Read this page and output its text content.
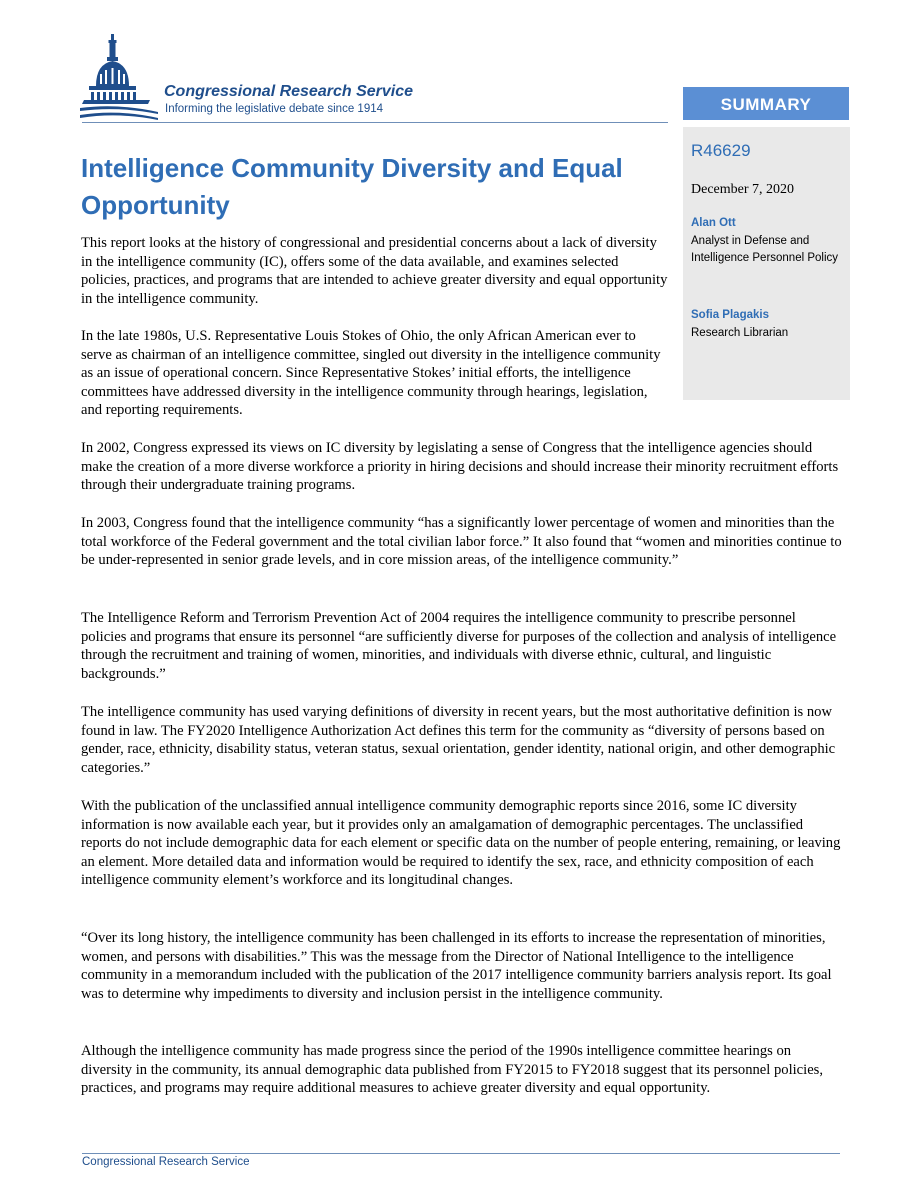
Congressional Research Service
Informing the legislative debate since 1914	SUMMARY
R46629
December 7, 2020
Alan Ott
Analyst in Defense and Intelligence Personnel Policy
Sofia Plagakis
Research Librarian
Intelligence Community Diversity and Equal Opportunity

This report looks at the history of congressional and presidential concerns about a lack of diversity in the intelligence community (IC), offers some of the data available, and examines selected policies, practices, and programs that are intended to achieve greater diversity and equal opportunity in the intelligence community.

In the late 1980s, U.S. Representative Louis Stokes of Ohio, the only African American ever to serve as chairman of an intelligence committee, singled out diversity in the intelligence community as an issue of operational concern. Since Representative Stokes’ initial efforts, the intelligence committees have addressed diversity in the intelligence community through hearings, legislation, and reporting requirements.

In 2002, Congress expressed its views on IC diversity by legislating a sense of Congress that the intelligence agencies should make the creation of a more diverse workforce a priority in hiring decisions and should increase their minority recruitment efforts through their undergraduate training programs.

In 2003, Congress found that the intelligence community “has a significantly lower percentage of women and minorities than the total workforce of the Federal government and the total civilian labor force.” It also found that “women and minorities continue to be under-represented in senior grade levels, and in core mission areas, of the intelligence community.”

The Intelligence Reform and Terrorism Prevention Act of 2004 requires the intelligence community to prescribe personnel policies and programs that ensure its personnel “are sufficiently diverse for purposes of the collection and analysis of intelligence through the recruitment and training of women, minorities, and individuals with diverse ethnic, cultural, and linguistic backgrounds.”

The intelligence community has used varying definitions of diversity in recent years, but the most authoritative definition is now found in law. The FY2020 Intelligence Authorization Act defines this term for the community as “diversity of persons based on gender, race, ethnicity, disability status, veteran status, sexual orientation, gender identity, national origin, and other demographic categories.”

With the publication of the unclassified annual intelligence community demographic reports since 2016, some IC diversity information is now available each year, but it provides only an amalgamation of demographic percentages. The unclassified reports do not include demographic data for each element or specific data on the number of people entering, remaining, or leaving an element. More detailed data and information would be required to identify the sex, race, and ethnicity composition of each intelligence community element’s workforce and its longitudinal changes.

“Over its long history, the intelligence community has been challenged in its efforts to increase the representation of minorities, women, and persons with disabilities.” This was the message from the Director of National Intelligence to the intelligence community in a memorandum included with the publication of the 2017 intelligence community barriers analysis report. Its goal was to determine why impediments to diversity and inclusion persist in the intelligence community.

Although the intelligence community has made progress since the period of the 1990s intelligence committee hearings on diversity in the community, its annual demographic data published from FY2015 to FY2018 suggest that its personnel policies, practices, and programs may require additional measures to achieve greater diversity and equal opportunity.

Congressional Research Service
